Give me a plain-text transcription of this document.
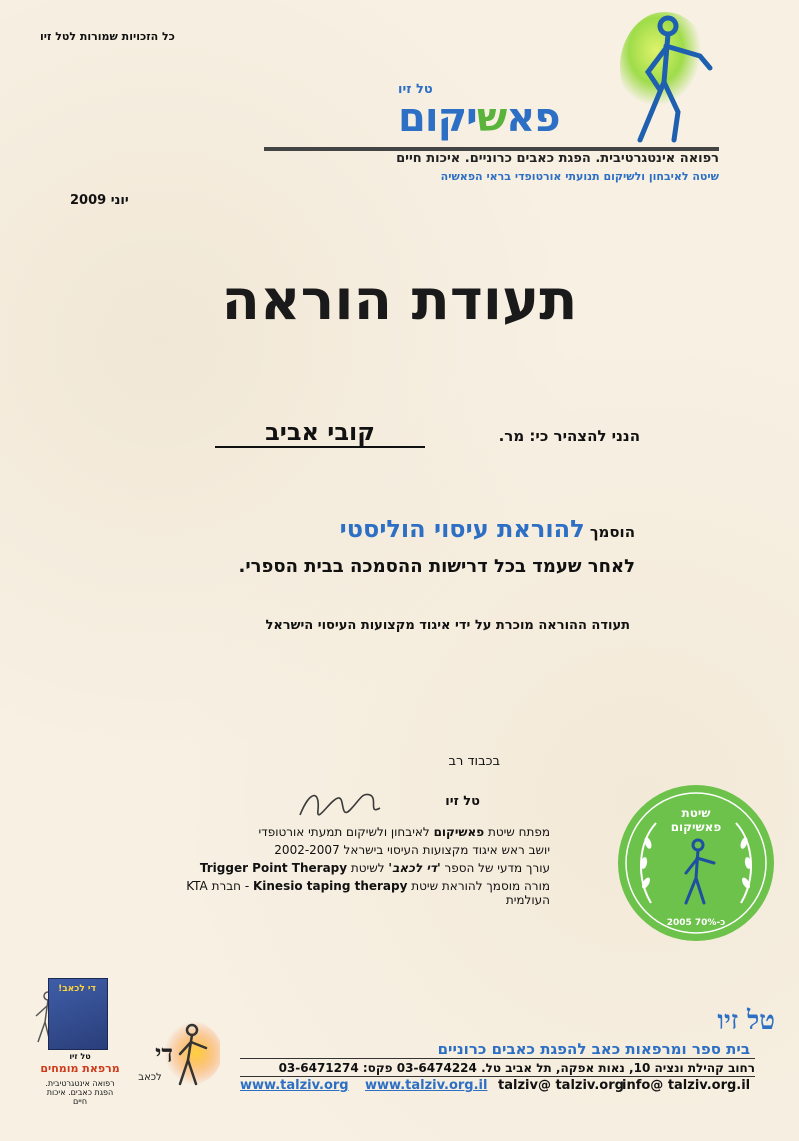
כל הזכויות שמורות לטל זיו
יוני 2009
טל זיו
פאשיקום
רפואה אינטגרטיבית. הפגת כאבים כרוניים. איכות חיים
שיטה לאיבחון ולשיקום תנועתי אורטופדי בראי הפאשיה
תעודת הוראה
הנני להצהיר כי: מר.
קובי אביב
הוסמך להוראת עיסוי הוליסטי
לאחר שעמד בכל דרישות ההסמכה בבית הספרי.
תעודה ההוראה מוכרת על ידי איגוד מקצועות העיסוי הישראל
בכבוד רב
טל זיו
מפתח שיטת פאשיקום לאיבחון ולשיקום תמעתי אורטופדי
יושב ראש איגוד מקצועות העיסוי בישראל 2002-2007
עורך מדעי של הספר 'די לכאב' לשיטת Trigger Point Therapy
מורה מוסמך להוראת שיטת Kinesio taping therapy - חברת KTA העולמית
שיטת
פאשיקום
2005 כ-70%
די לכאב!
טל זיו
מרפאת מומחים
רפואה אינטגרטיבית. הפגת כאבים. איכות חיים
די
לכאב
טל זיו
בית ספר ומרפאות כאב להפגת כאבים כרוניים
רחוב קהילת ונציה 10, נאות אפקה, תל אביב טל. 03-6474224 פקס: 03-6471274
www.talziv.org www.talziv.org.il talziv@ talziv.org
info@ talziv.org.il
